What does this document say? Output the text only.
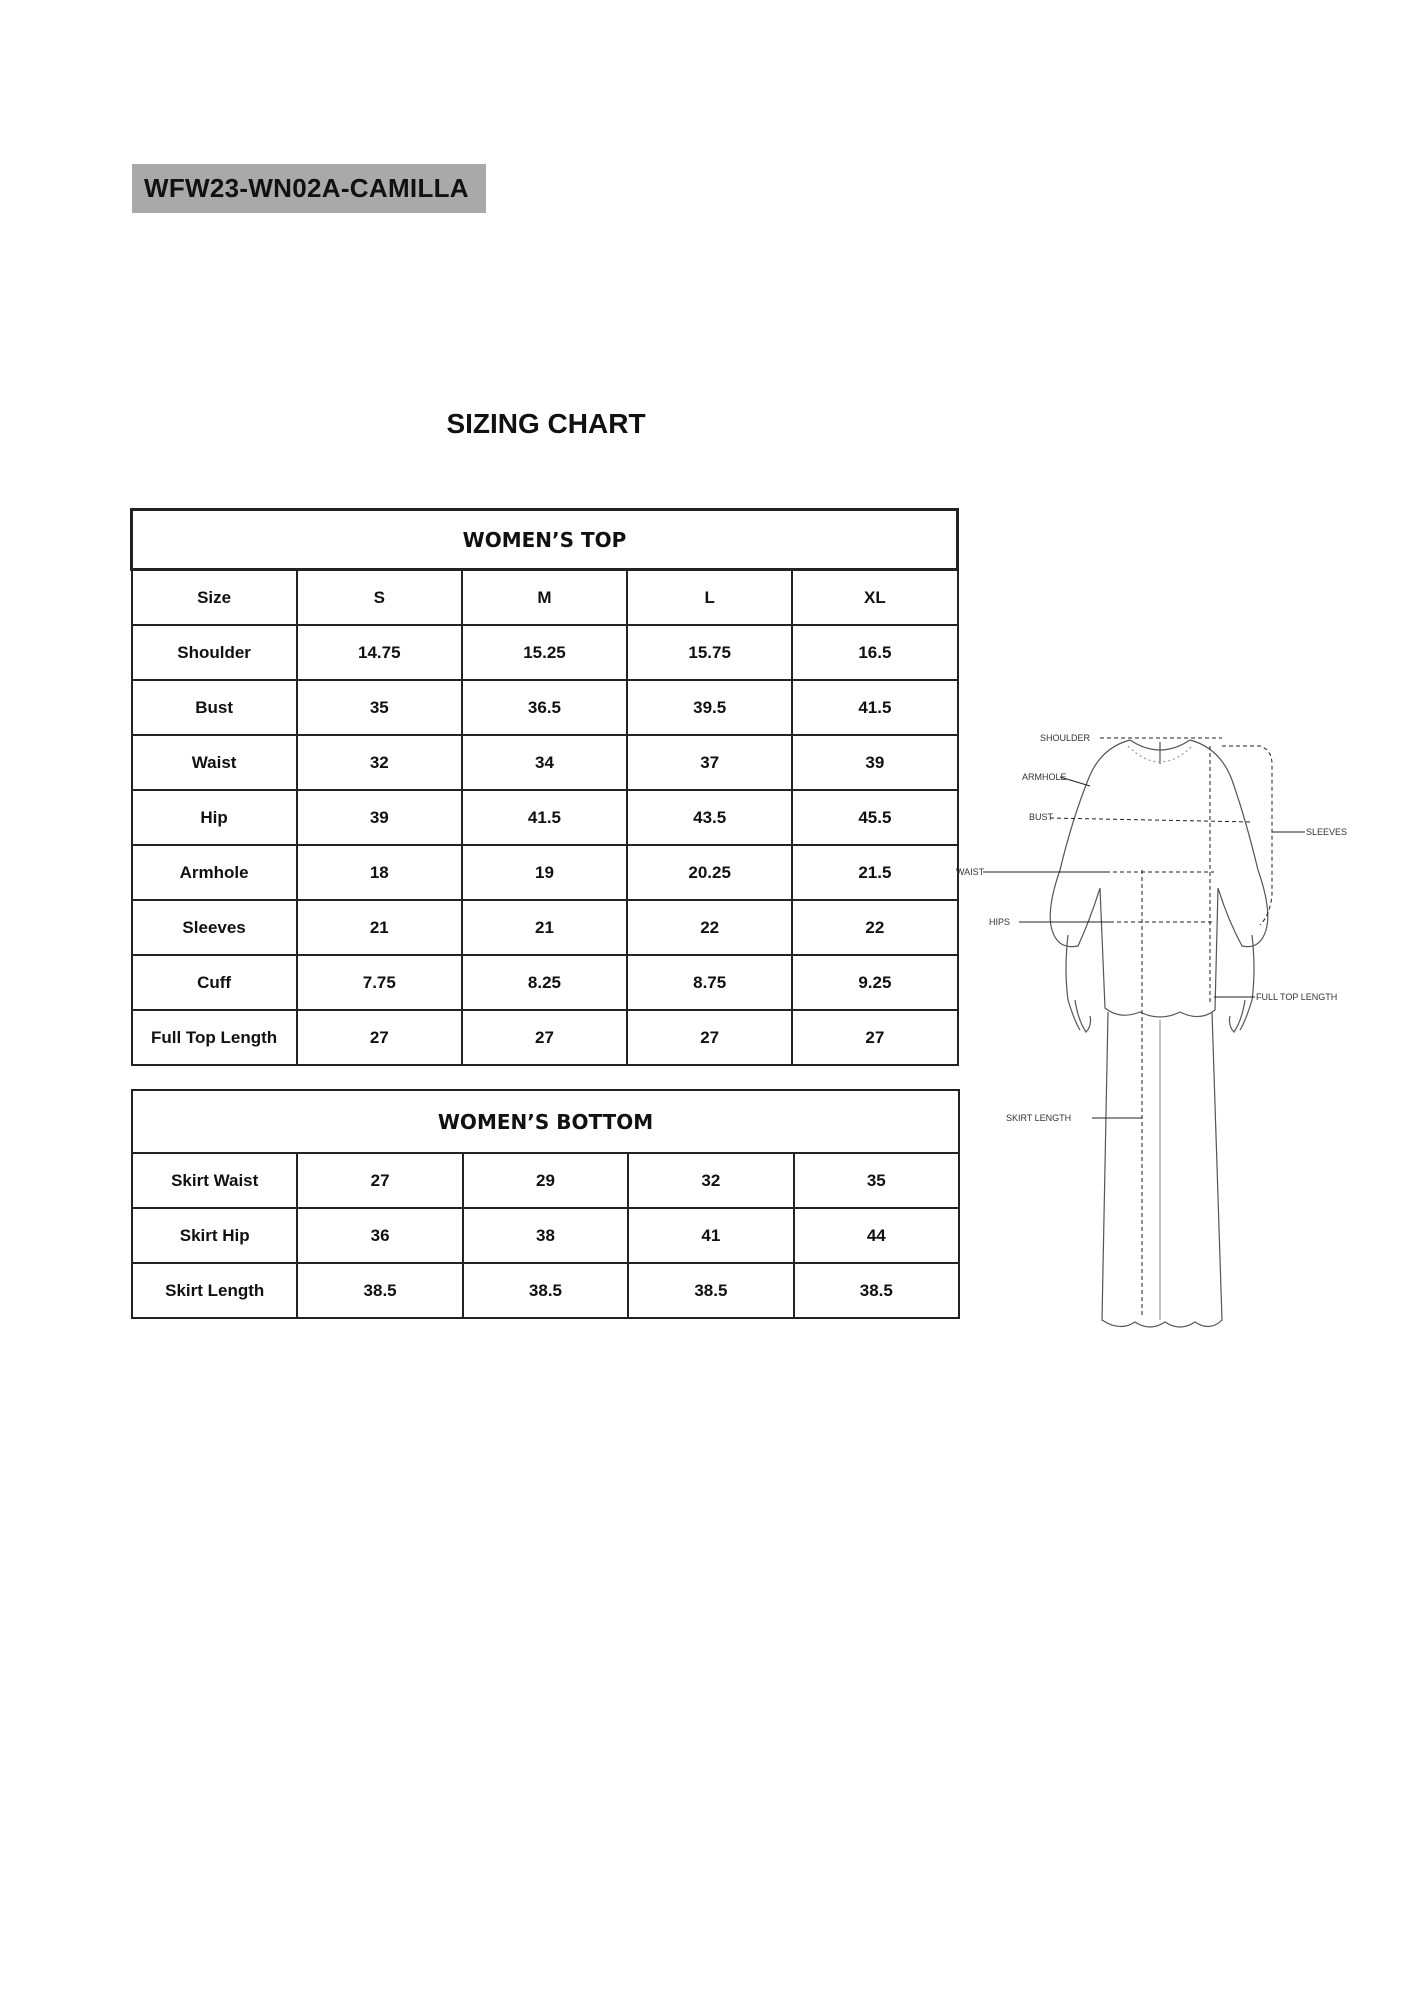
WFW23-WN02A-CAMILLA
SIZING CHART
WOMEN’S TOP				
Size	S	M	L	XL
Shoulder	14.75	15.25	15.75	16.5
Bust	35	36.5	39.5	41.5
Waist	32	34	37	39
Hip	39	41.5	43.5	45.5
Armhole	18	19	20.25	21.5
Sleeves	21	21	22	22
Cuff	7.75	8.25	8.75	9.25
Full Top Length	27	27	27	27
WOMEN’S BOTTOM				
Skirt Waist	27	29	32	35
Skirt Hip	36	38	41	44
Skirt Length	38.5	38.5	38.5	38.5
SHOULDER
ARMHOLE
BUST
WAIST
HIPS
SLEEVES
FULL TOP LENGTH
SKIRT LENGTH
